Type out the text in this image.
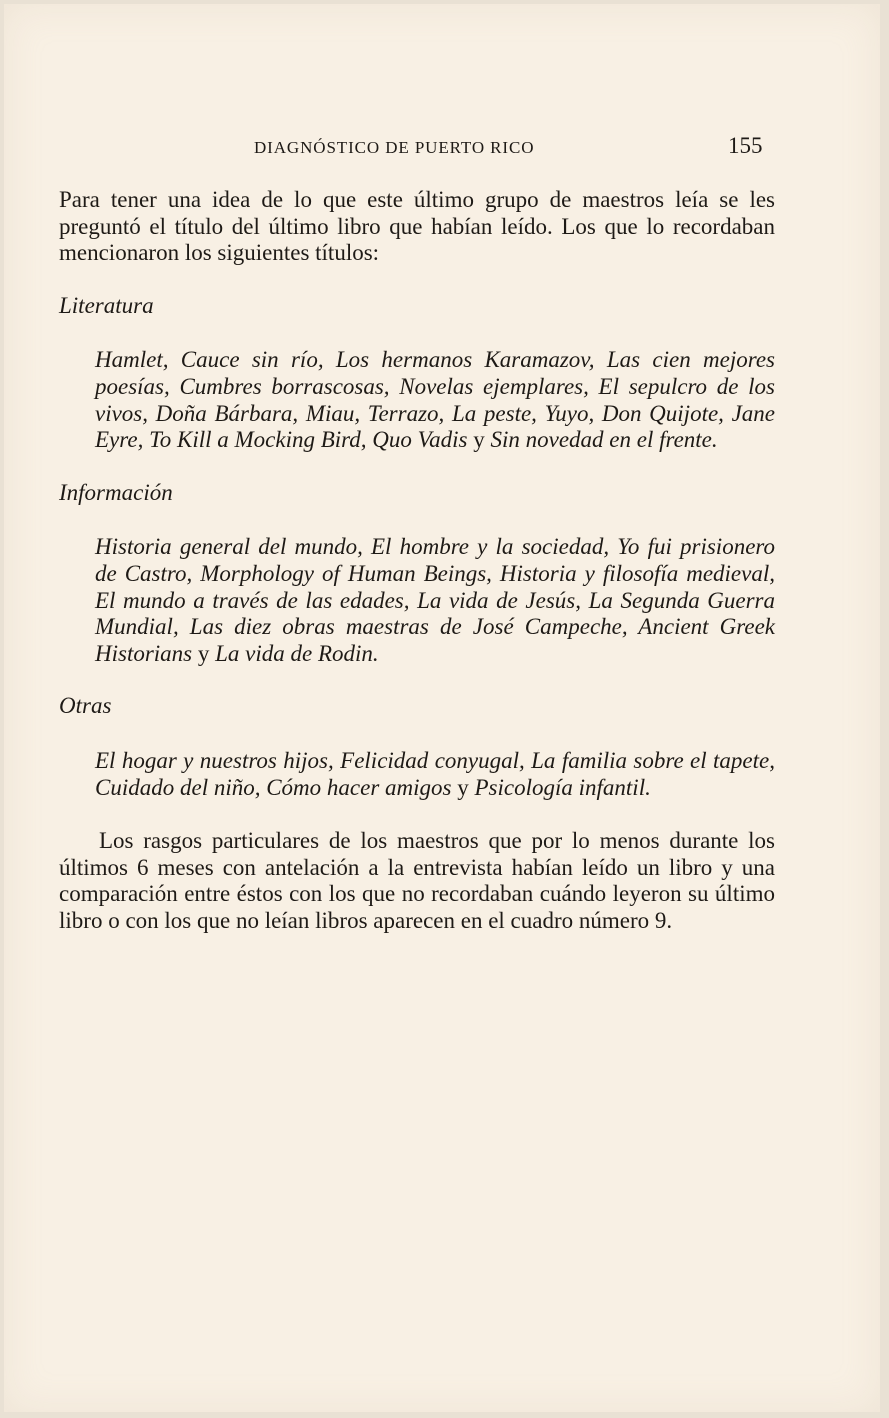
DIAGNÓSTICO DE PUERTO RICO	155

Para tener una idea de lo que este último grupo de maestros leía se les preguntó el título del último libro que habían leído. Los que lo recordaban mencionaron los siguientes títulos:

Literatura

Hamlet, Cauce sin río, Los hermanos Karamazov, Las cien mejores poesías, Cumbres borrascosas, Novelas ejemplares, El sepulcro de los vivos, Doña Bárbara, Miau, Terrazo, La peste, Yuyo, Don Quijote, Jane Eyre, To Kill a Mocking Bird, Quo Vadis y Sin novedad en el frente.

Información

Historia general del mundo, El hombre y la sociedad, Yo fui prisionero de Castro, Morphology of Human Beings, Historia y filosofía medieval, El mundo a través de las edades, La vida de Jesús, La Segunda Guerra Mundial, Las diez obras maestras de José Campeche, Ancient Greek Historians y La vida de Rodin.

Otras

El hogar y nuestros hijos, Felicidad conyugal, La familia sobre el tapete, Cuidado del niño, Cómo hacer amigos y Psicología infantil.

Los rasgos particulares de los maestros que por lo menos durante los últimos 6 meses con antelación a la entrevista habían leído un libro y una comparación entre éstos con los que no recordaban cuándo leyeron su último libro o con los que no leían libros aparecen en el cuadro número 9.
